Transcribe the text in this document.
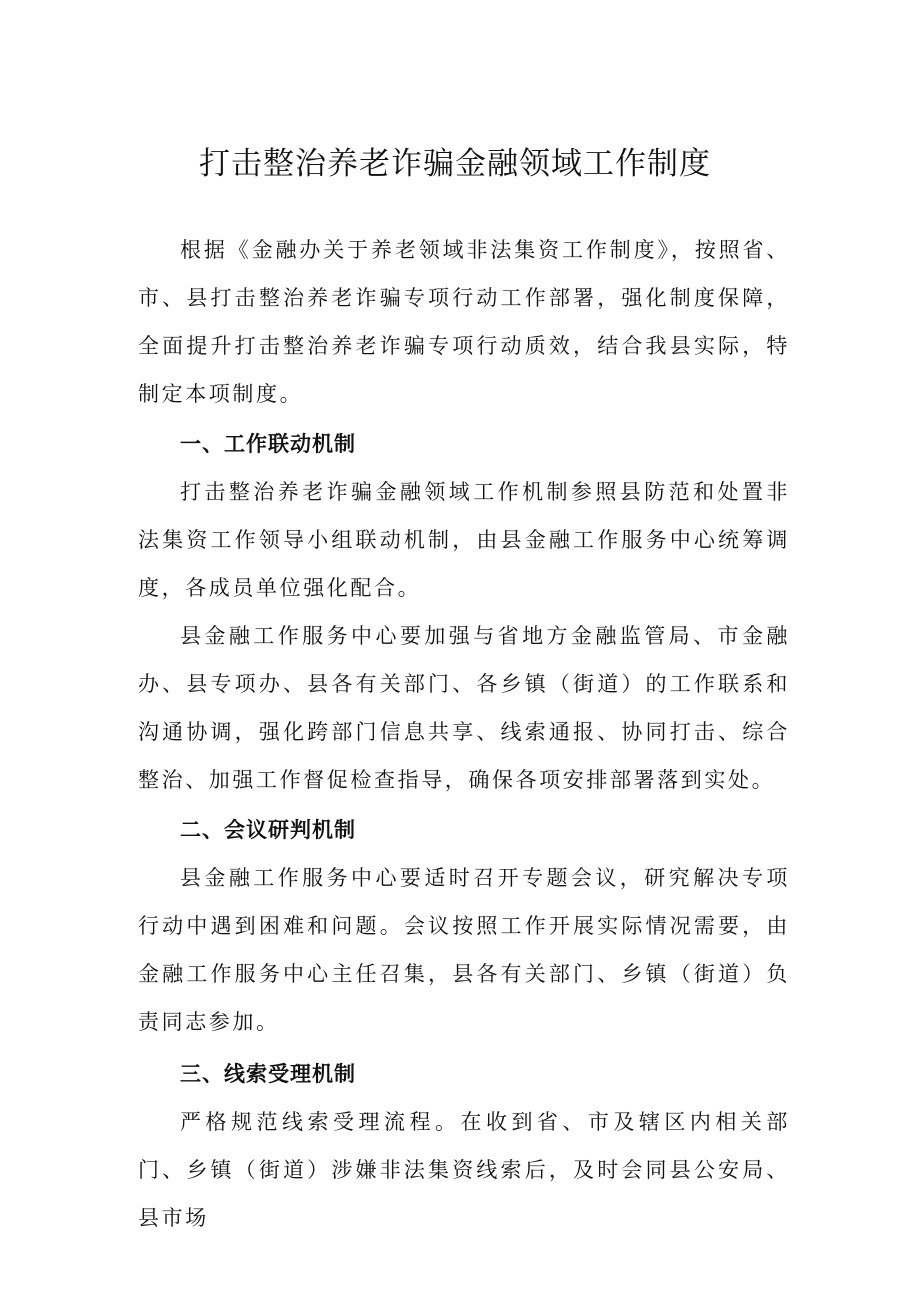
打击整治养老诈骗金融领域工作制度

根据《金融办关于养老领域非法集资工作制度》，按照省、市、县打击整治养老诈骗专项行动工作部署，强化制度保障，全面提升打击整治养老诈骗专项行动质效，结合我县实际，特制定本项制度。

一、工作联动机制

打击整治养老诈骗金融领域工作机制参照县防范和处置非法集资工作领导小组联动机制，由县金融工作服务中心统筹调度，各成员单位强化配合。

县金融工作服务中心要加强与省地方金融监管局、市金融办、县专项办、县各有关部门、各乡镇（街道）的工作联系和沟通协调，强化跨部门信息共享、线索通报、协同打击、综合整治、加强工作督促检查指导，确保各项安排部署落到实处。

二、会议研判机制

县金融工作服务中心要适时召开专题会议，研究解决专项行动中遇到困难和问题。会议按照工作开展实际情况需要，由金融工作服务中心主任召集，县各有关部门、乡镇（街道）负责同志参加。

三、线索受理机制

严格规范线索受理流程。在收到省、市及辖区内相关部门、乡镇（街道）涉嫌非法集资线索后，及时会同县公安局、县市场
